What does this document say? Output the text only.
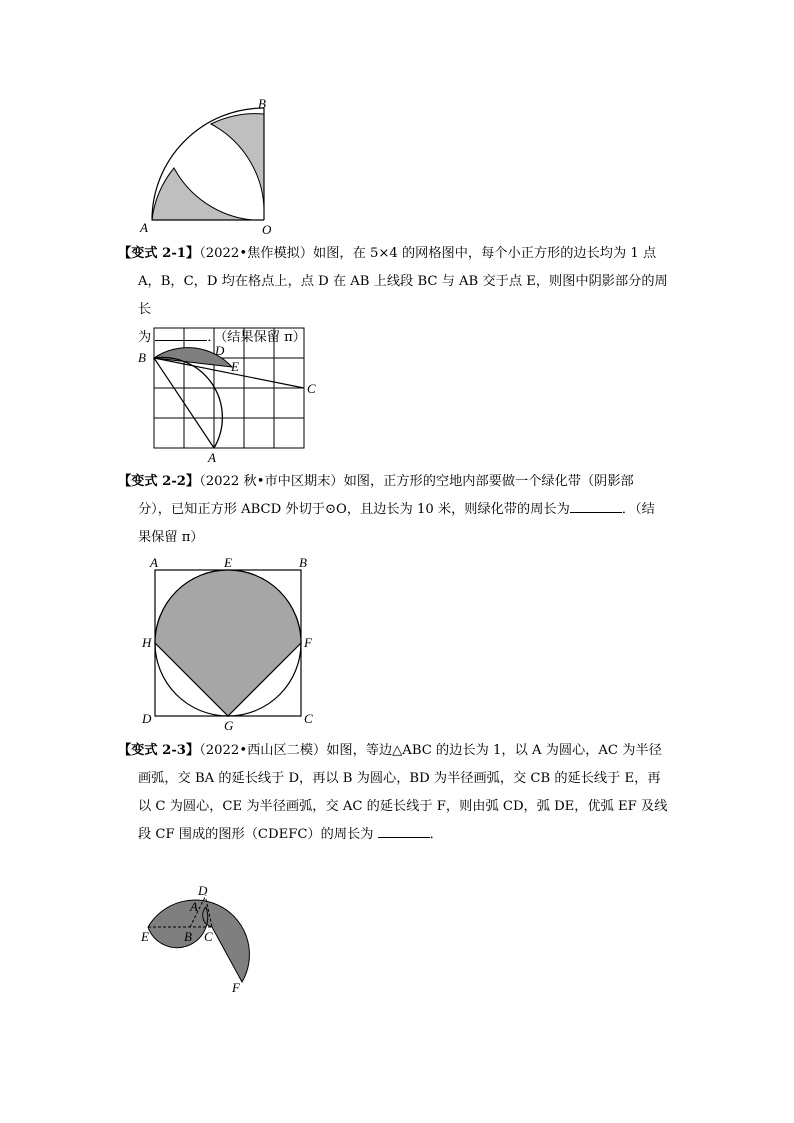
A
B
O

【变式 2-1】（2022•焦作模拟）如图，在 5×4 的网格图中，每个小正方形的边长均为 1 点

A，B，C，D 均在格点上，点 D 在 AB 上线段 BC 与 AB 交于点 E，则图中阴影部分的周长

为	．（结果保留 π）

B	D
E
C
A

【变式 2-2】（2022 秋•市中区期末）如图，正方形的空地内部要做一个绿化带（阴影部

分），已知正方形 ABCD 外切于⊙O，且边长为 10 米，则绿化带的周长为	．（结

果保留 π）

A	E	B
H	F
D	G	C

【变式 2-3】（2022•西山区二模）如图，等边△ABC 的边长为 1，以 A 为圆心，AC 为半径

画弧，交 BA 的延长线于 D，再以 B 为圆心，BD 为半径画弧，交 CB 的延长线于 E，再

以 C 为圆心，CE 为半径画弧，交 AC 的延长线于 F，则由弧 CD，弧 DE，优弧 EF 及线

段 CF 围成的图形（CDEFC）的周长为	．

D
A
E	B C
F
